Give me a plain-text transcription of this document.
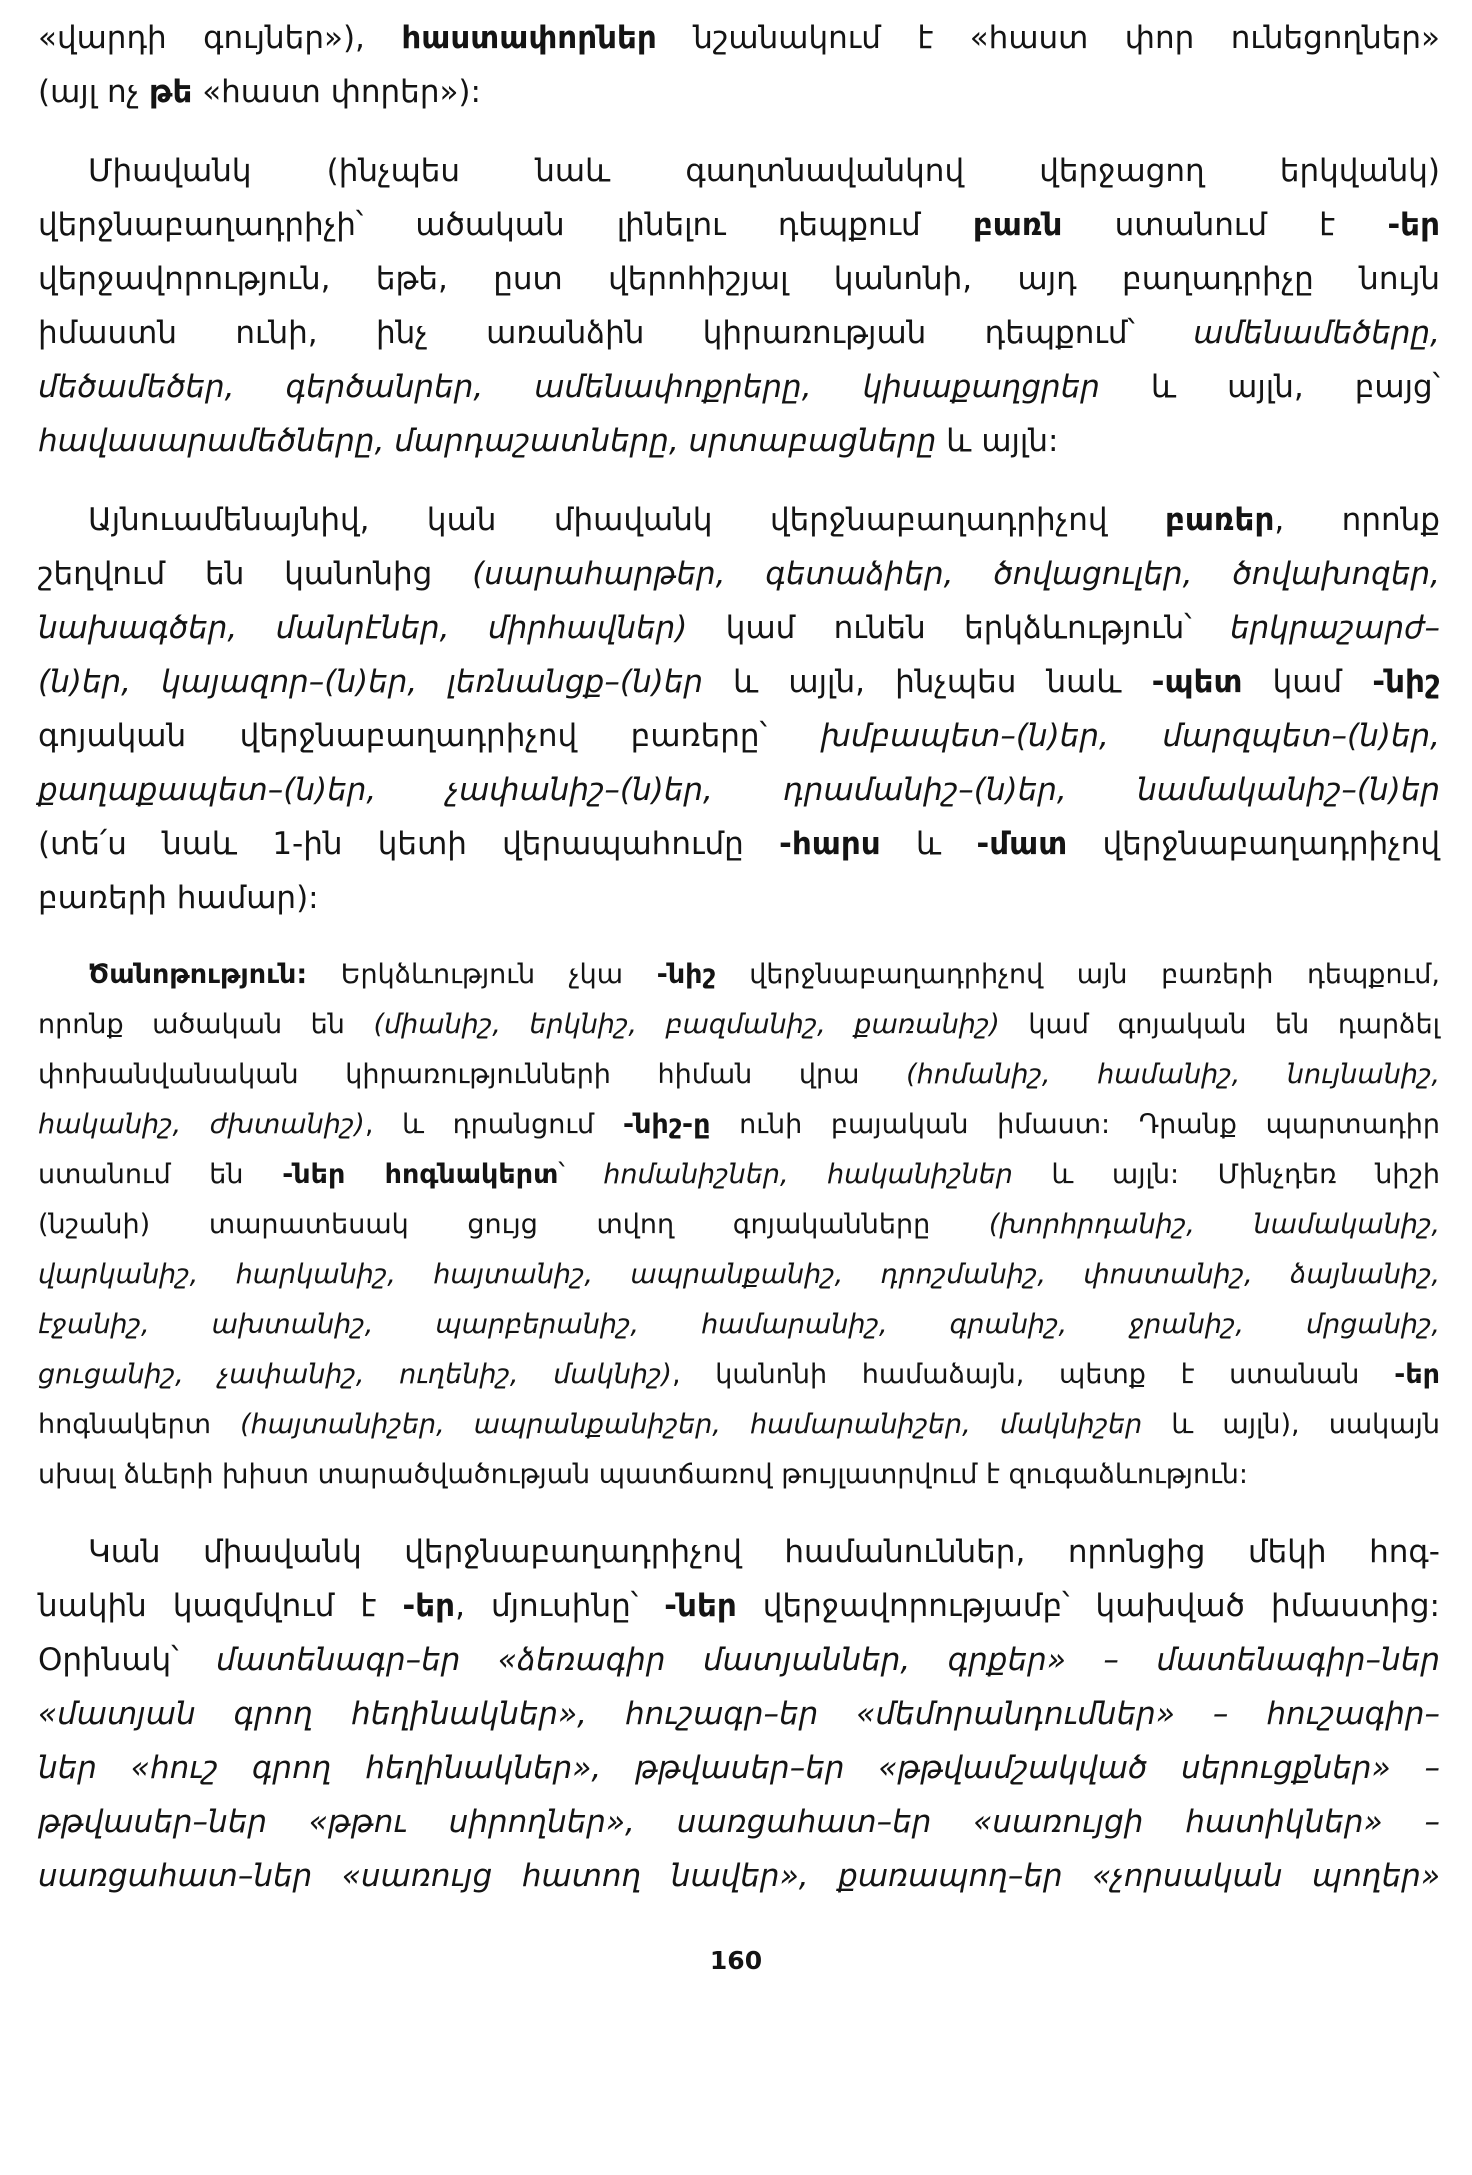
«վարդի գույներ»), հաստափորներ նշանակում է «հաստ փոր ունեցողներ»
(այլ ոչ թե «հաստ փորեր»):
Միավանկ (ինչպես նաև գաղտնավանկով վերջացող երկվանկ)
վերջնաբաղադրիչի՝ ածական լինելու դեպքում բառն ստանում է -եր
վերջավորություն, եթե, ըստ վերոհիշյալ կանոնի, այդ բաղադրիչը նույն
իմաստն ունի, ինչ առանձին կիրառության դեպքում՝ ամենամեծերը,
մեծամեծեր, գերծանրեր, ամենափոքրերը, կիսաքաղցրեր և այլն, բայց՝
հավասարամեծները, մարդաշատները, սրտաբացները և այլն:
Այնուամենայնիվ, կան միավանկ վերջնաբաղադրիչով բառեր, որոնք
շեղվում են կանոնից (սարահարթեր, գետաձիեր, ծովացուլեր, ծովախոզեր,
նախագծեր, մանրէներ, միրհավներ) կամ ունեն երկձևություն՝ երկրաշարժ–
(ն)եր, կայազոր–(ն)եր, լեռնանցք–(ն)եր և այլն, ինչպես նաև -պետ կամ -նիշ
գոյական վերջնաբաղադրիչով բառերը՝ խմբապետ–(ն)եր, մարզպետ–(ն)եր,
քաղաքապետ–(ն)եր, չափանիշ–(ն)եր, դրամանիշ–(ն)եր, նամականիշ–(ն)եր
(տե՛ս նաև 1-ին կետի վերապահումը -հարս և -մատ վերջնաբաղադրիչով
բառերի համար):
Ծանոթություն: Երկձևություն չկա -նիշ վերջնաբաղադրիչով այն բառերի դեպքում,
որոնք ածական են (միանիշ, երկնիշ, բազմանիշ, քառանիշ) կամ գոյական են դարձել
փոխանվանական կիրառությունների հիման վրա (հոմանիշ, համանիշ, նույնանիշ,
հականիշ, ժխտանիշ), և դրանցում -նիշ-ը ունի բայական իմաստ: Դրանք պարտադիր
ստանում են -ներ հոգնակերտ՝ հոմանիշներ, հականիշներ և այլն: Մինչդեռ նիշի
(նշանի) տարատեսակ ցույց տվող գոյականները (խորհրդանիշ, նամականիշ,
վարկանիշ, հարկանիշ, հայտանիշ, ապրանքանիշ, դրոշմանիշ, փոստանիշ, ձայնանիշ,
էջանիշ, ախտանիշ, պարբերանիշ, համարանիշ, գրանիշ, ջրանիշ, մրցանիշ,
ցուցանիշ, չափանիշ, ուղենիշ, մակնիշ), կանոնի համաձայն, պետք է ստանան -եր
հոգնակերտ (հայտանիշեր, ապրանքանիշեր, համարանիշեր, մակնիշեր և այլն), սակայն
սխալ ձևերի խիստ տարածվածության պատճառով թույլատրվում է զուգաձևություն:
Կան միավանկ վերջնաբաղադրիչով համանուններ, որոնցից մեկի հոգ-
նակին կազմվում է -եր, մյուսինը՝ -ներ վերջավորությամբ՝ կախված իմաստից:
Օրինակ՝ մատենագր–եր «ձեռագիր մատյաններ, գրքեր» – մատենագիր–ներ
«մատյան գրող հեղինակներ», հուշագր–եր «մեմորանդումներ» – հուշագիր–
ներ «հուշ գրող հեղինակներ», թթվասեր–եր «թթվամշակված սերուցքներ» –
թթվասեր–ներ «թթու սիրողներ», սառցահատ–եր «սառույցի հատիկներ» –
սառցահատ–ներ «սառույց հատող նավեր», քառապող–եր «չորսական պողեր»
160
